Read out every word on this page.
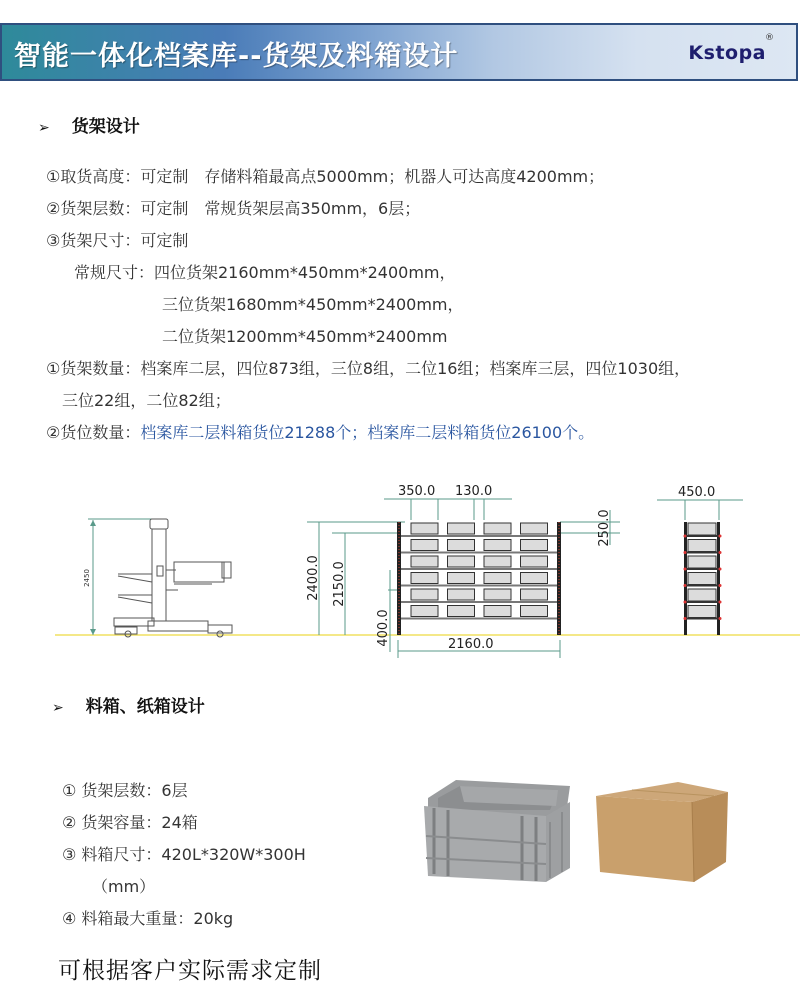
智能一体化档案库--货架及料箱设计	Kstopa
®
➢ 货架设计
①取货高度：可定制　存储料箱最高点5000mm；机器人可达高度4200mm；
②货架层数：可定制　常规货架层高350mm，6层；
③货架尺寸：可定制
常规尺寸：四位货架2160mm*450mm*2400mm，
三位货架1680mm*450mm*2400mm，
二位货架1200mm*450mm*2400mm
①货架数量：档案库二层，四位873组，三位8组，二位16组；档案库三层，四位1030组，
三位22组，二位82组；
②货位数量：档案库二层料箱货位21288个；档案库二层料箱货位26100个。
2450
350.0 130.0
2160.0
2400.0 2150.0
400.0
250.0
450.0
➢ 料箱、纸箱设计
① 货架层数：6层
② 货架容量：24箱
③ 料箱尺寸：420L*320W*300H
（mm）
④ 料箱最大重量：20kg
可根据客户实际需求定制
